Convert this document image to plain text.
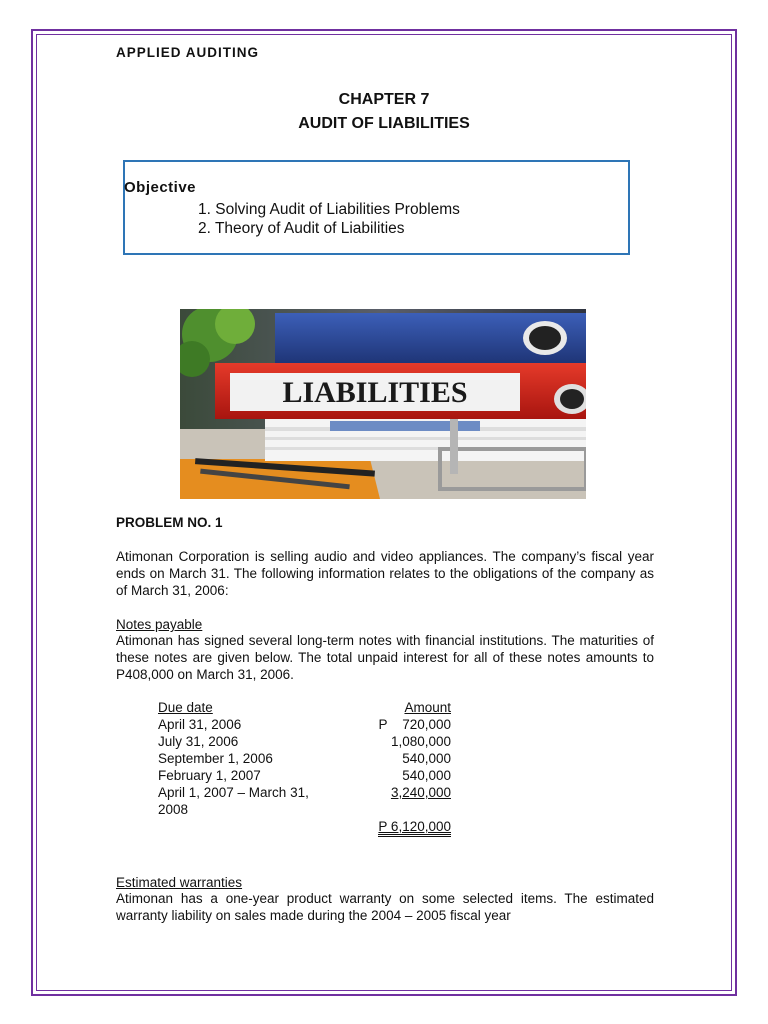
APPLIED AUDITING
CHAPTER 7
AUDIT OF LIABILITIES
Objective
1. Solving Audit of Liabilities Problems
2. Theory of Audit of Liabilities
LIABILITIES
PROBLEM NO. 1
Atimonan Corporation is selling audio and video appliances. The company’s fiscal year ends on March 31. The following information relates to the obligations of the company as of March 31, 2006:
Notes payable
Atimonan has signed several long-term notes with financial institutions. The maturities of these notes are given below. The total unpaid interest for all of these notes amounts to P408,000 on March 31, 2006.
Due date	Amount
April 31, 2006	P    720,000
July 31, 2006	1,080,000
September 1, 2006	540,000
February 1, 2007	540,000
April 1, 2007 – March 31,	3,240,000
2008
P 6,120,000
Estimated warranties
Atimonan has a one-year product warranty on some selected items. The estimated warranty liability on sales made during the 2004 – 2005 fiscal year
